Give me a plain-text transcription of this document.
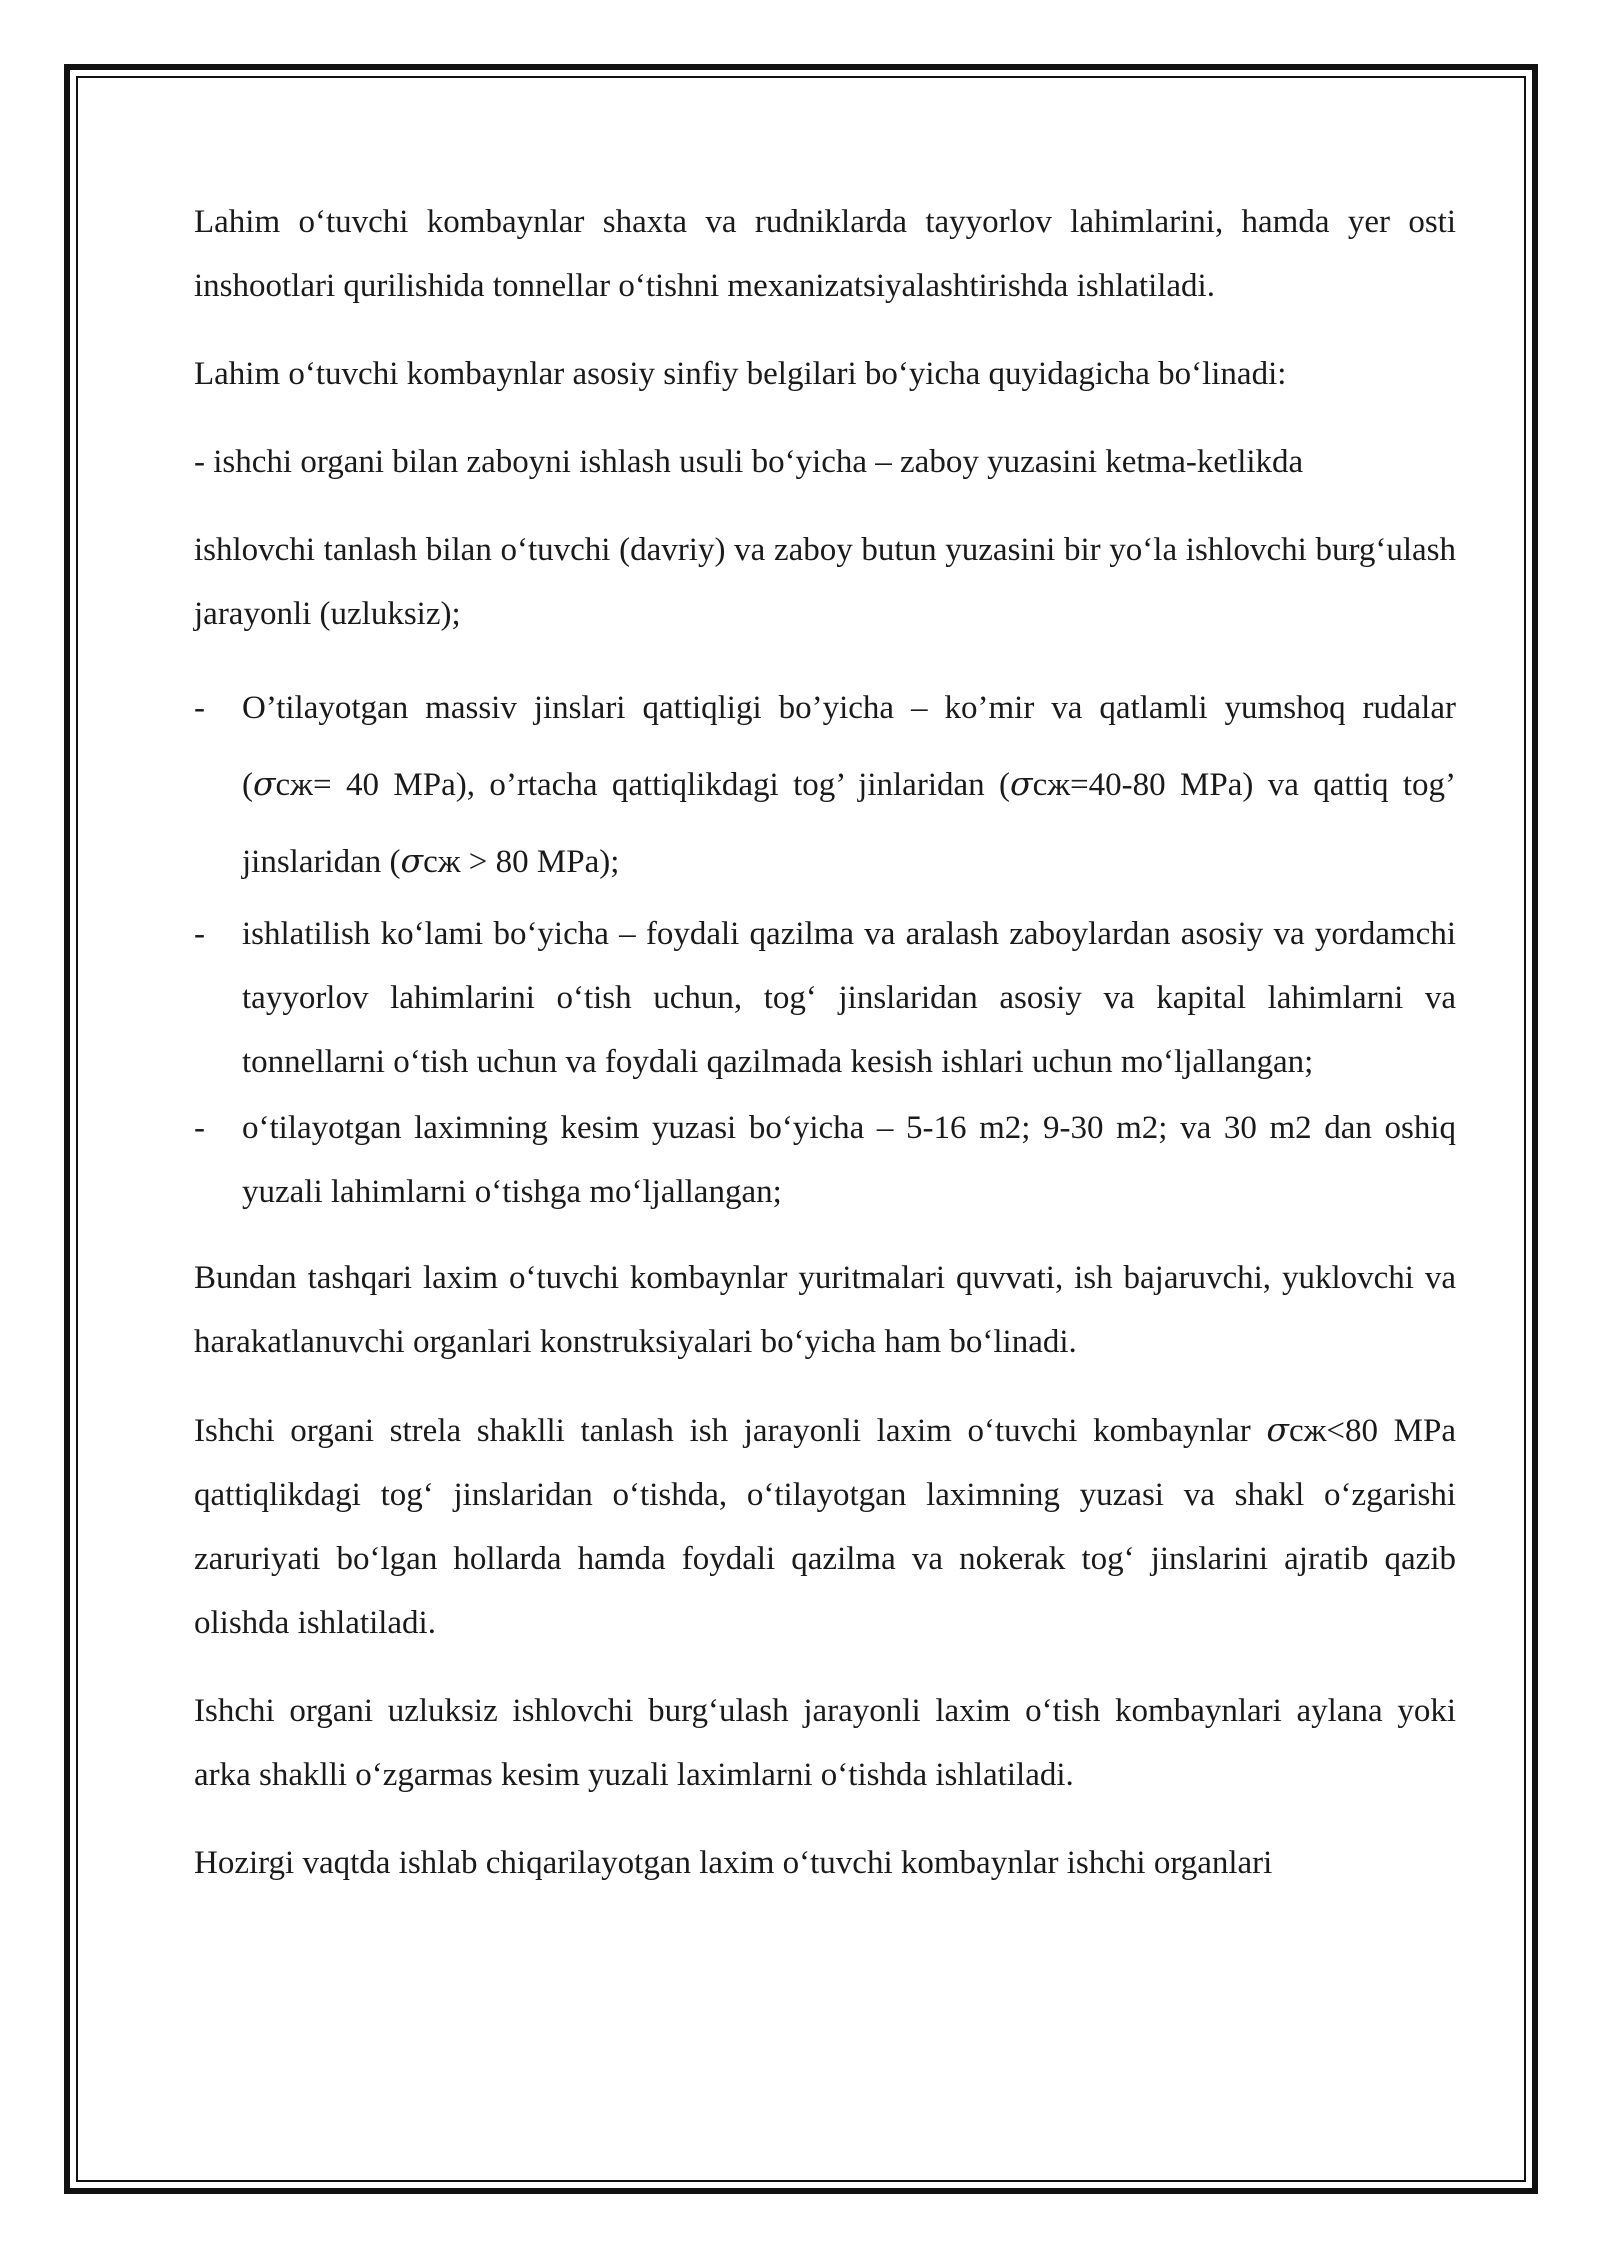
Lahim o‘tuvchi kombaynlar shaxta va rudniklarda tayyorlov lahimlarini, hamda yer osti inshootlari qurilishida tonnellar o‘tishni mexanizatsiyalashtirishda ishlatiladi.

Lahim o‘tuvchi kombaynlar asosiy sinfiy belgilari bo‘yicha quyidagicha bo‘linadi:

- ishchi organi bilan zaboyni ishlash usuli bo‘yicha – zaboy yuzasini ketma-ketlikda

ishlovchi tanlash bilan o‘tuvchi (davriy) va zaboy butun yuzasini bir yo‘la ishlovchi burg‘ulash jarayonli (uzluksiz);

- O’tilayotgan massiv jinslari qattiqligi bo’yicha – ko’mir va qatlamli yumshoq rudalar (σсж= 40 MPa), o’rtacha qattiqlikdagi tog’ jinlaridan (σсж=40-80 MPa) va qattiq tog’ jinslaridan (σсж > 80 MPa);
- ishlatilish ko‘lami bo‘yicha – foydali qazilma va aralash zaboylardan asosiy va yordamchi tayyorlov lahimlarini o‘tish uchun, tog‘ jinslaridan asosiy va kapital lahimlarni va tonnellarni o‘tish uchun va foydali qazilmada kesish ishlari uchun mo‘ljallangan;
- o‘tilayotgan laximning kesim yuzasi bo‘yicha – 5-16 m2; 9-30 m2; va 30 m2 dan oshiq yuzali lahimlarni o‘tishga mo‘ljallangan;

Bundan tashqari laxim o‘tuvchi kombaynlar yuritmalari quvvati, ish bajaruvchi, yuklovchi va harakatlanuvchi organlari konstruksiyalari bo‘yicha ham bo‘linadi.

Ishchi organi strela shaklli tanlash ish jarayonli laxim o‘tuvchi kombaynlar σсж<80 MPa qattiqlikdagi tog‘ jinslaridan o‘tishda, o‘tilayotgan laximning yuzasi va shakl o‘zgarishi zaruriyati bo‘lgan hollarda hamda foydali qazilma va nokerak tog‘ jinslarini ajratib qazib olishda ishlatiladi.

Ishchi organi uzluksiz ishlovchi burg‘ulash jarayonli laxim o‘tish kombaynlari aylana yoki arka shaklli o‘zgarmas kesim yuzali laximlarni o‘tishda ishlatiladi.

Hozirgi vaqtda ishlab chiqarilayotgan laxim o‘tuvchi kombaynlar ishchi organlari
